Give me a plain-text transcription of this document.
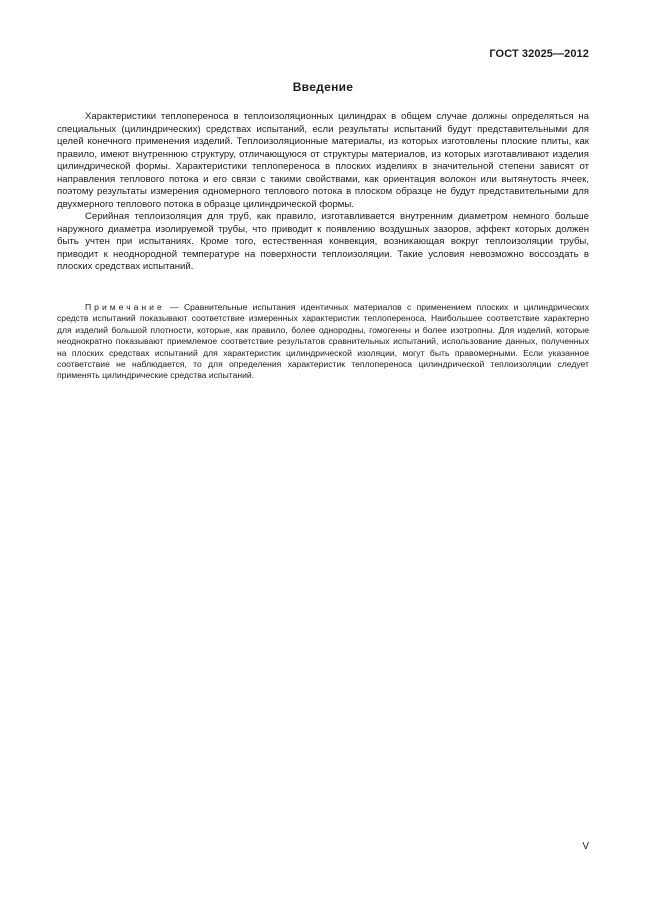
ГОСТ 32025—2012
Введение

Характеристики теплопереноса в теплоизоляционных цилиндрах в общем случае должны определяться на специальных (цилиндрических) средствах испытаний, если результаты испытаний будут представительными для целей конечного применения изделий. Теплоизоляционные материалы, из которых изготовлены плоские плиты, как правило, имеют внутреннюю структуру, отличающуюся от структуры материалов, из которых изготавливают изделия цилиндрической формы. Характеристики теплопереноса в плоских изделиях в значительной степени зависят от направления теплового потока и его связи с такими свойствами, как ориентация волокон или вытянутость ячеек, поэтому результаты измерения одномерного теплового потока в плоском образце не будут представительными для двухмерного теплового потока в образце цилиндрической формы.

Серийная теплоизоляция для труб, как правило, изготавливается внутренним диаметром немного больше наружного диаметра изолируемой трубы, что приводит к появлению воздушных зазоров, эффект которых должен быть учтен при испытаниях. Кроме того, естественная конвекция, возникающая вокруг теплоизоляции трубы, приводит к неоднородной температуре на поверхности теплоизоляции. Такие условия невозможно воссоздать в плоских средствах испытаний.

Примечание — Сравнительные испытания идентичных материалов с применением плоских и цилиндрических средств испытаний показывают соответствие измеренных характеристик теплопереноса. Наибольшее соответствие характерно для изделий большой плотности, которые, как правило, более однородны, гомогенны и более изотропны. Для изделий, которые неоднократно показывают приемлемое соответствие результатов сравнительных испытаний, использование данных, полученных на плоских средствах испытаний для характеристик цилиндрической изоляции, могут быть правомерными. Если указанное соответствие не наблюдается, то для определения характеристик теплопереноса цилиндрической теплоизоляции следует применять цилиндрические средства испытаний.

V
